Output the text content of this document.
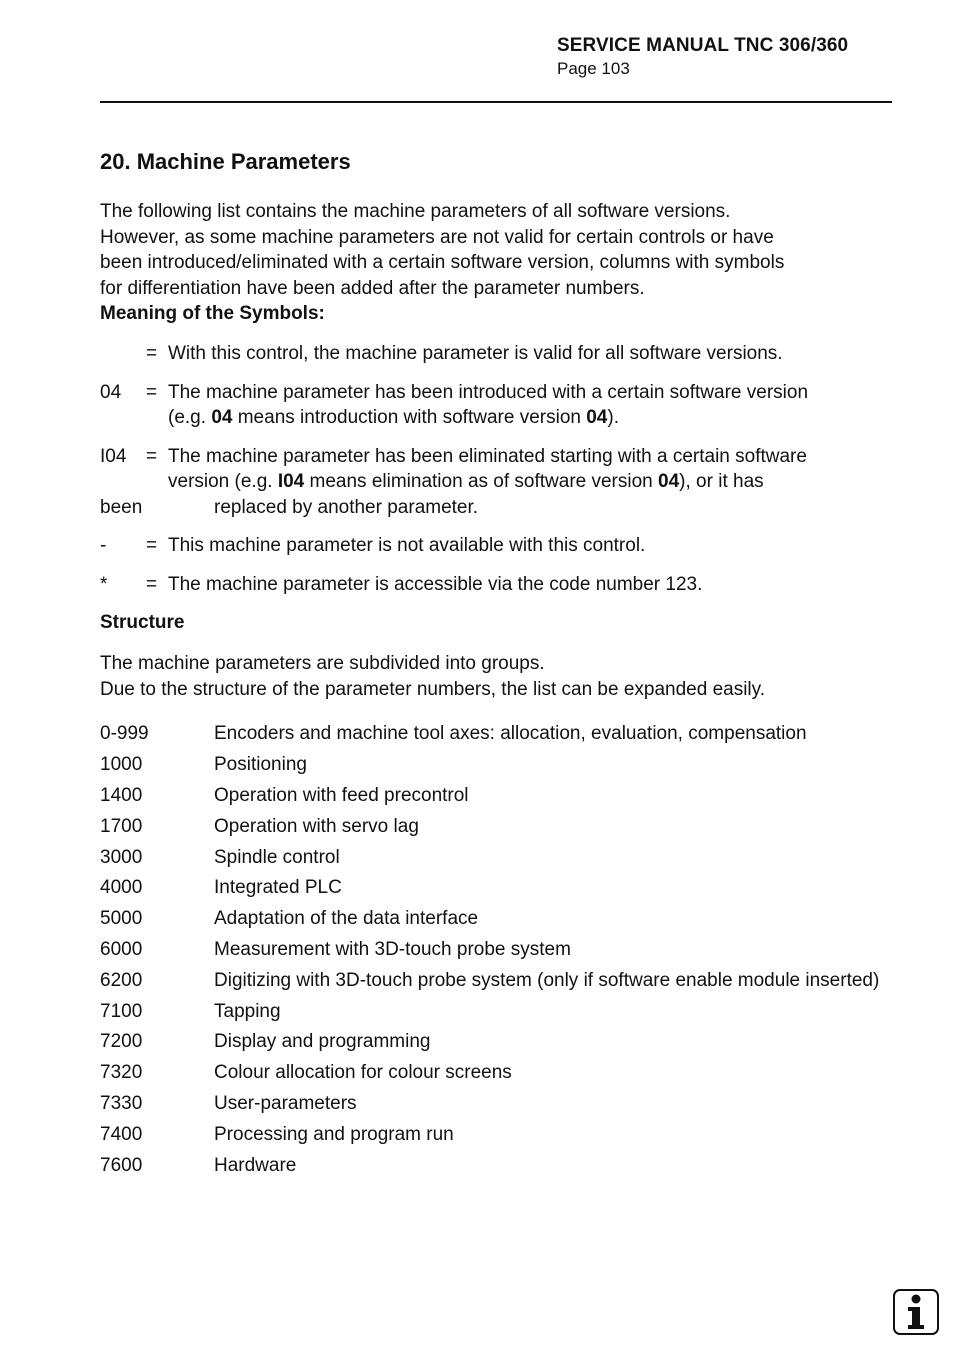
SERVICE MANUAL TNC 306/360
Page 103
20. Machine Parameters

The following list contains the machine parameters of all software versions.

However, as some machine parameters are not valid for certain controls or have

been introduced/eliminated with a certain software version, columns with symbols

for differentiation have been added after the parameter numbers.

Meaning of the Symbols:
= With this control, the machine parameter is valid for all software versions.
04	= The machine parameter has been introduced with a certain software version
(e.g. 04 means introduction with software version 04).
I04	= The machine parameter has been eliminated starting with a certain software
version (e.g. I04 means elimination as of software version 04), or it has
been	replaced by another parameter.
-	= This machine parameter is not available with this control.
*	= The machine parameter is accessible via the code number 123.
Structure

The machine parameters are subdivided into groups.

Due to the structure of the parameter numbers, the list can be expanded easily.

0-999	Encoders and machine tool axes: allocation, evaluation, compensation
1000	Positioning
1400	Operation with feed precontrol
1700	Operation with servo lag
3000	Spindle control
4000	Integrated PLC
5000	Adaptation of the data interface
6000	Measurement with 3D-touch probe system
6200	Digitizing with 3D-touch probe system (only if software enable module inserted)
7100	Tapping
7200	Display and programming
7320	Colour allocation for colour screens
7330	User-parameters
7400	Processing and program run
7600	Hardware
